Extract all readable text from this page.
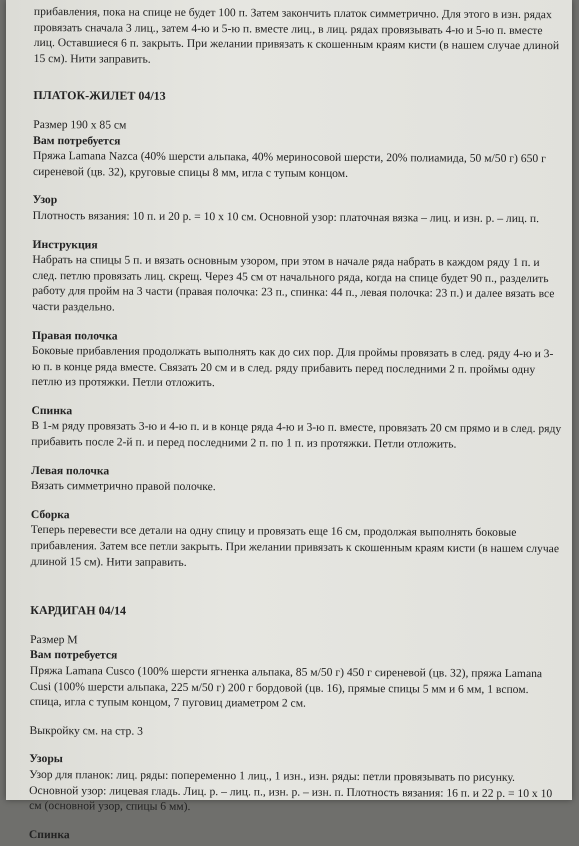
прибавления, пока на спице не будет 100 п. Затем закончить платок симметрично. Для этого в изн. рядах провязать сначала 3 лиц., затем 4-ю и 5-ю п. вместе лиц., в лиц. рядах провязывать 4-ю и 5-ю п. вместе лиц. Оставшиеся 6 п. закрыть. При желании привязать к скошенным краям кисти (в нашем случае длиной 15 см). Нити заправить.

ПЛАТОК-ЖИЛЕТ 04/13

Размер 190 х 85 см

Вам потребуется

Пряжа Lamana Nazca (40% шерсти альпака, 40% мериносовой шерсти, 20% полиамида, 50 м/50 г) 650 г сиреневой (цв. 32), круговые спицы 8 мм, игла с тупым концом.

Узор

Плотность вязания: 10 п. и 20 р. = 10 х 10 см. Основной узор: платочная вязка – лиц. и изн. р. – лиц. п.

Инструкция

Набрать на спицы 5 п. и вязать основным узором, при этом в начале ряда набрать в каждом ряду 1 п. и след. петлю провязать лиц. скрещ. Через 45 см от начального ряда, когда на спице будет 90 п., разделить работу для пройм на 3 части (правая полочка: 23 п., спинка: 44 п., левая полочка: 23 п.) и далее вязать все части раздельно.

Правая полочка

Боковые прибавления продолжать выполнять как до сих пор. Для проймы провязать в след. ряду 4-ю и 3-ю п. в конце ряда вместе. Связать 20 см и в след. ряду прибавить перед последними 2 п. проймы одну петлю из протяжки. Петли отложить.

Спинка

В 1-м ряду провязать 3-ю и 4-ю п. и в конце ряда 4-ю и 3-ю п. вместе, провязать 20 см прямо и в след. ряду прибавить после 2-й п. и перед последними 2 п. по 1 п. из протяжки. Петли отложить.

Левая полочка

Вязать симметрично правой полочке.

Сборка

Теперь перевести все детали на одну спицу и провязать еще 16 см, продолжая выполнять боковые прибавления. Затем все петли закрыть. При желании привязать к скошенным краям кисти (в нашем случае длиной 15 см). Нити заправить.

КАРДИГАН 04/14

Размер М

Вам потребуется

Пряжа Lamana Cusco (100% шерсти ягненка альпака, 85 м/50 г) 450 г сиреневой (цв. 32), пряжа Lamana Cusi (100% шерсти альпака, 225 м/50 г) 200 г бордовой (цв. 16), прямые спицы 5 мм и 6 мм, 1 вспом. спица, игла с тупым концом, 7 пуговиц диаметром 2 см.

Выкройку см. на стр. 3

Узоры

Узор для планок: лиц. ряды: попеременно 1 лиц., 1 изн., изн. ряды: петли провязывать по рисунку. Основной узор: лицевая гладь. Лиц. р. – лиц. п., изн. р. – изн. п. Плотность вязания: 16 п. и 22 р. = 10 х 10 см (основной узор, спицы 6 мм).

Спинка
